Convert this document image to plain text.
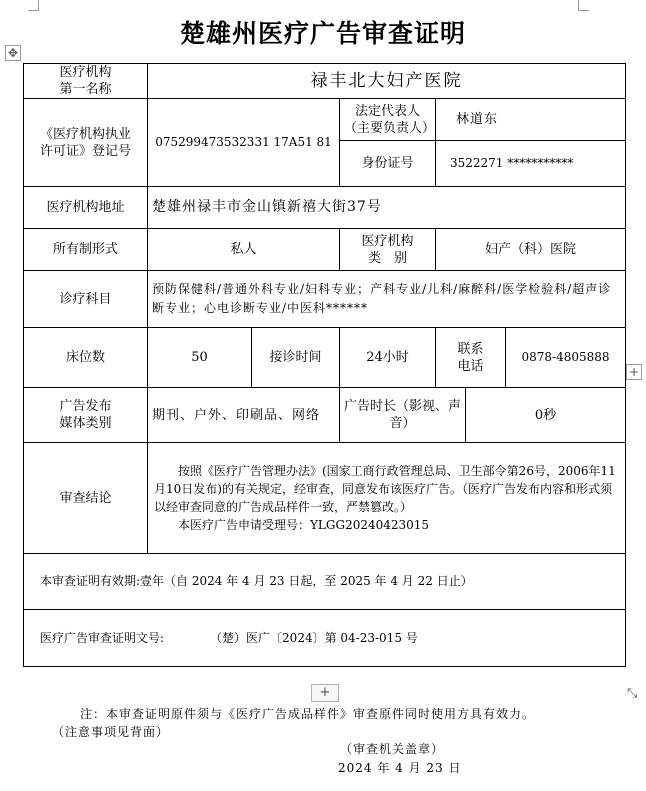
楚雄州医疗广告审查证明
✥
+
医疗机构
第一名称	禄丰北大妇产医院					
《医疗机构执业
许可证》登记号	075299473532331 17A51 81		法定代表人
（主要负责人）	林道东		
			身份证号	3522271 ***********		
医疗机构地址	楚雄州禄丰市金山镇新禧大街37号					
所有制形式	私人		医疗机构
类　别	妇产（科）医院		
诊疗科目	预防保健科/普通外科专业/妇科专业；产科专业/儿科/麻醉科/医学检验科/超声诊断专业；心电诊断专业/中医科******					
床位数	50	接诊时间	24小时	联系
电话		0878-4805888
广告发布
媒体类别	期刊、户外、印刷品、网络		广告时长（影视、声音）		0秒	
审查结论	按照《医疗广告管理办法》(国家工商行政管理总局、卫生部令第26号，2006年11月10日发布)的有关规定，经审查，同意发布该医疗广告。（医疗广告发布内容和形式须以经审查同意的广告成品样件一致，严禁篡改。）
本医疗广告申请受理号：YLGG20240423015					

本审查证明有效期:壹年（自 2024 年 4 月 23 日起，至 2025 年 4 月 22 日止）						
医疗广告审查证明文号: （楚）医广〔2024〕第 04-23-015 号						
+	⤡
注：本审查证明原件须与《医疗广告成品样件》审查原件同时使用方具有效力。
（注意事项见背面）
（审查机关盖章）
2024 年 4 月 23 日
